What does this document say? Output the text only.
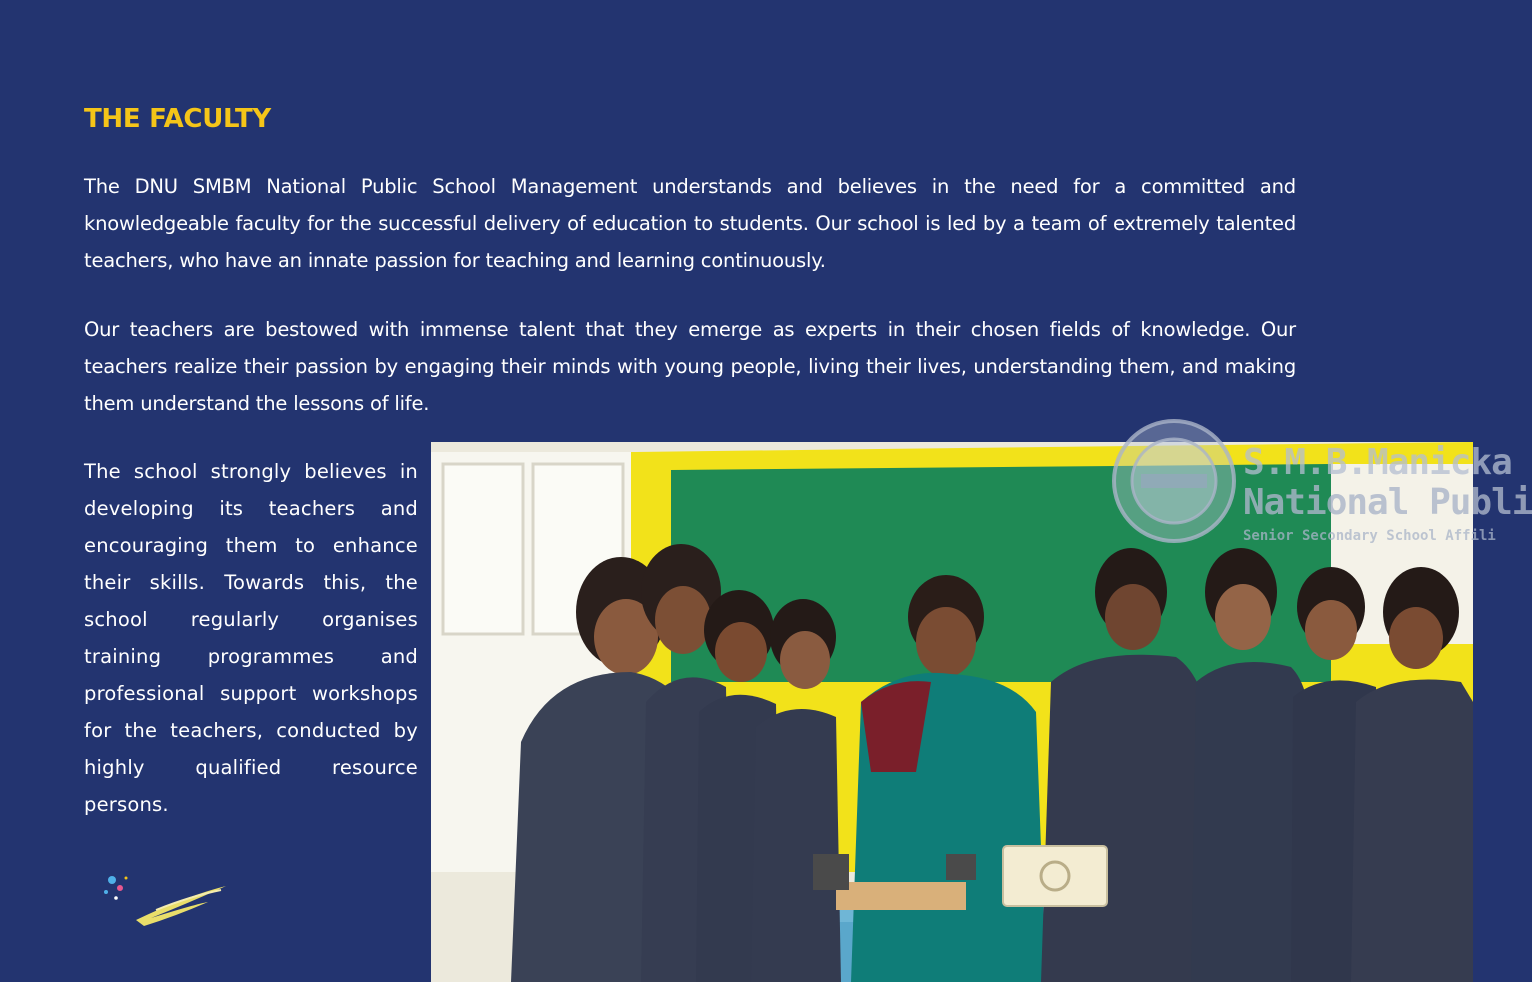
THE FACULTY

The DNU SMBM National Public School Management understands and believes in the need for a committed and knowledgeable faculty for the successful delivery of education to students. Our school is led by a team of extremely talented teachers, who have an innate passion for teaching and learning continuously.

Our teachers are bestowed with immense talent that they emerge as experts in their chosen fields of knowledge. Our teachers realize their passion by engaging their minds with young people, living their lives, understanding them, and making them understand the lessons of life.

The school strongly believes in developing its teachers and encouraging them to enhance their skills. Towards this, the school regularly organises training programmes and professional support workshops for the teachers, conducted by highly qualified resource persons.

S.M.B.Manicka
National Publi
Senior Secondary School Affili
